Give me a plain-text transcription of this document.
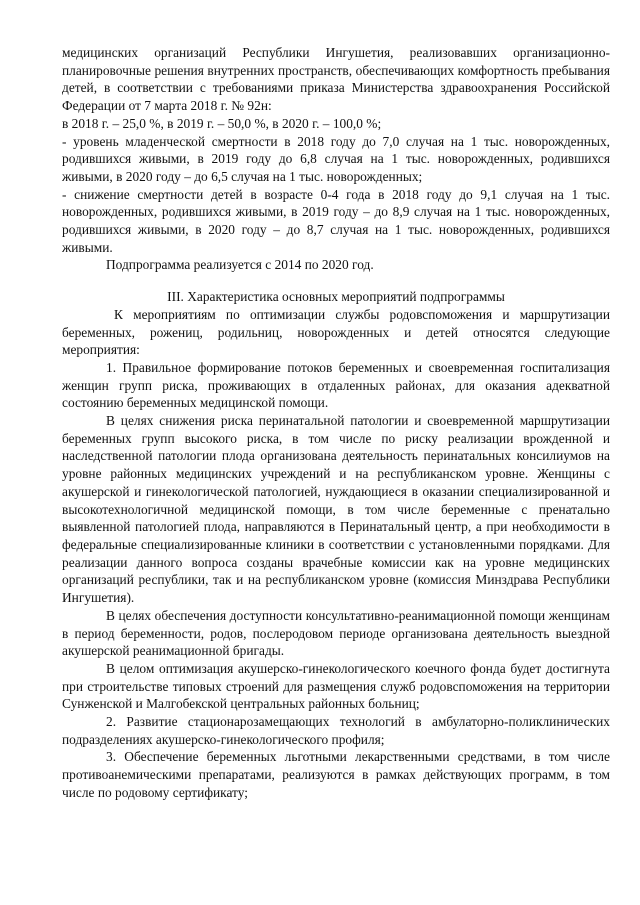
медицинских организаций Республики Ингушетия, реализовавших организационно-планировочные решения внутренних пространств, обеспечивающих комфортность пребывания детей, в соответствии с требованиями приказа Министерства здравоохранения Российской Федерации от 7 марта 2018 г. № 92н:

в 2018 г. – 25,0 %, в 2019 г. – 50,0 %, в 2020 г. – 100,0 %;

- уровень младенческой смертности в 2018 году до 7,0 случая на 1 тыс. новорожденных, родившихся живыми, в 2019 году до 6,8 случая на 1 тыс. новорожденных, родившихся живыми, в 2020 году – до 6,5 случая на 1 тыс. новорожденных;

- снижение смертности детей в возрасте 0-4 года в 2018 году до 9,1 случая на 1 тыс. новорожденных, родившихся живыми, в 2019 году – до 8,9 случая на 1 тыс. новорожденных, родившихся живыми, в 2020 году – до 8,7 случая на 1 тыс. новорожденных, родившихся живыми.

Подпрограмма реализуется с 2014 по 2020 год.

III. Характеристика основных мероприятий подпрограммы

К мероприятиям по оптимизации службы родовспоможения и маршрутизации беременных, рожениц, родильниц, новорожденных и детей относятся следующие мероприятия:

1. Правильное формирование потоков беременных и своевременная госпитализация женщин групп риска, проживающих в отдаленных районах, для оказания адекватной состоянию беременных медицинской помощи.

В целях снижения риска перинатальной патологии и своевременной маршрутизации беременных групп высокого риска, в том числе по риску реализации врожденной и наследственной патологии плода организована деятельность перинатальных консилиумов на уровне районных медицинских учреждений и на республиканском уровне. Женщины с акушерской и гинекологической патологией, нуждающиеся в оказании специализированной и высокотехнологичной медицинской помощи, в том числе беременные с пренатально выявленной патологией плода, направляются в Перинатальный центр, а при необходимости в федеральные специализированные клиники в соответствии с установленными порядками. Для реализации данного вопроса созданы врачебные комиссии как на уровне медицинских организаций республики, так и на республиканском уровне (комиссия Минздрава Республики Ингушетия).

В целях обеспечения доступности консультативно-реанимационной помощи женщинам в период беременности, родов, послеродовом периоде организована деятельность выездной акушерской реанимационной бригады.

В целом оптимизация акушерско-гинекологического коечного фонда будет достигнута при строительстве типовых строений для размещения служб родовспоможения на территории Сунженской и Малгобекской центральных районных больниц;

2. Развитие стационарозамещающих технологий в амбулаторно-поликлинических подразделениях акушерско-гинекологического профиля;

3. Обеспечение беременных льготными лекарственными средствами, в том числе противоанемическими препаратами, реализуются в рамках действующих программ, в том числе по родовому сертификату;
